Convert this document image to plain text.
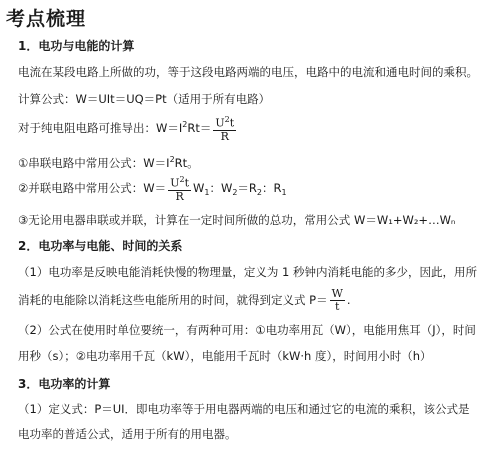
考点梳理
1．电功与电能的计算
电流在某段电路上所做的功，等于这段电路两端的电压，电路中的电流和通电时间的乘积。
计算公式：W＝UIt＝UQ＝Pt（适用于所有电路）
对于纯电阻电路可推导出：$W=I^2Rt= \frac{U^2t}{R}$
①串联电路中常用公式：$W=I^2Rt$。
②并联电路中常用公式：$W= \frac{U^2t}{R} W_1$：$W_2=R_2$：$R_1$
③无论用电器串联或并联，计算在一定时间所做的总功，常用公式 W＝W₁+W₂+…Wₙ
2．电功率与电能、时间的关系
（1）电功率是反映电能消耗快慢的物理量，定义为 1 秒钟内消耗电能的多少，因此，用所
消耗的电能除以消耗这些电能所用的时间，就得到定义式 $P= \frac{W}{t}$ .
（2）公式在使用时单位要统一，有两种可用：①电功率用瓦（W），电能用焦耳（J），时间
用秒（s）；②电功率用千瓦（kW），电能用千瓦时（kW·h 度），时间用小时（h）
3．电功率的计算
（1）定义式：P＝UI．即电功率等于用电器两端的电压和通过它的电流的乘积，该公式是
电功率的普适公式，适用于所有的用电器。
